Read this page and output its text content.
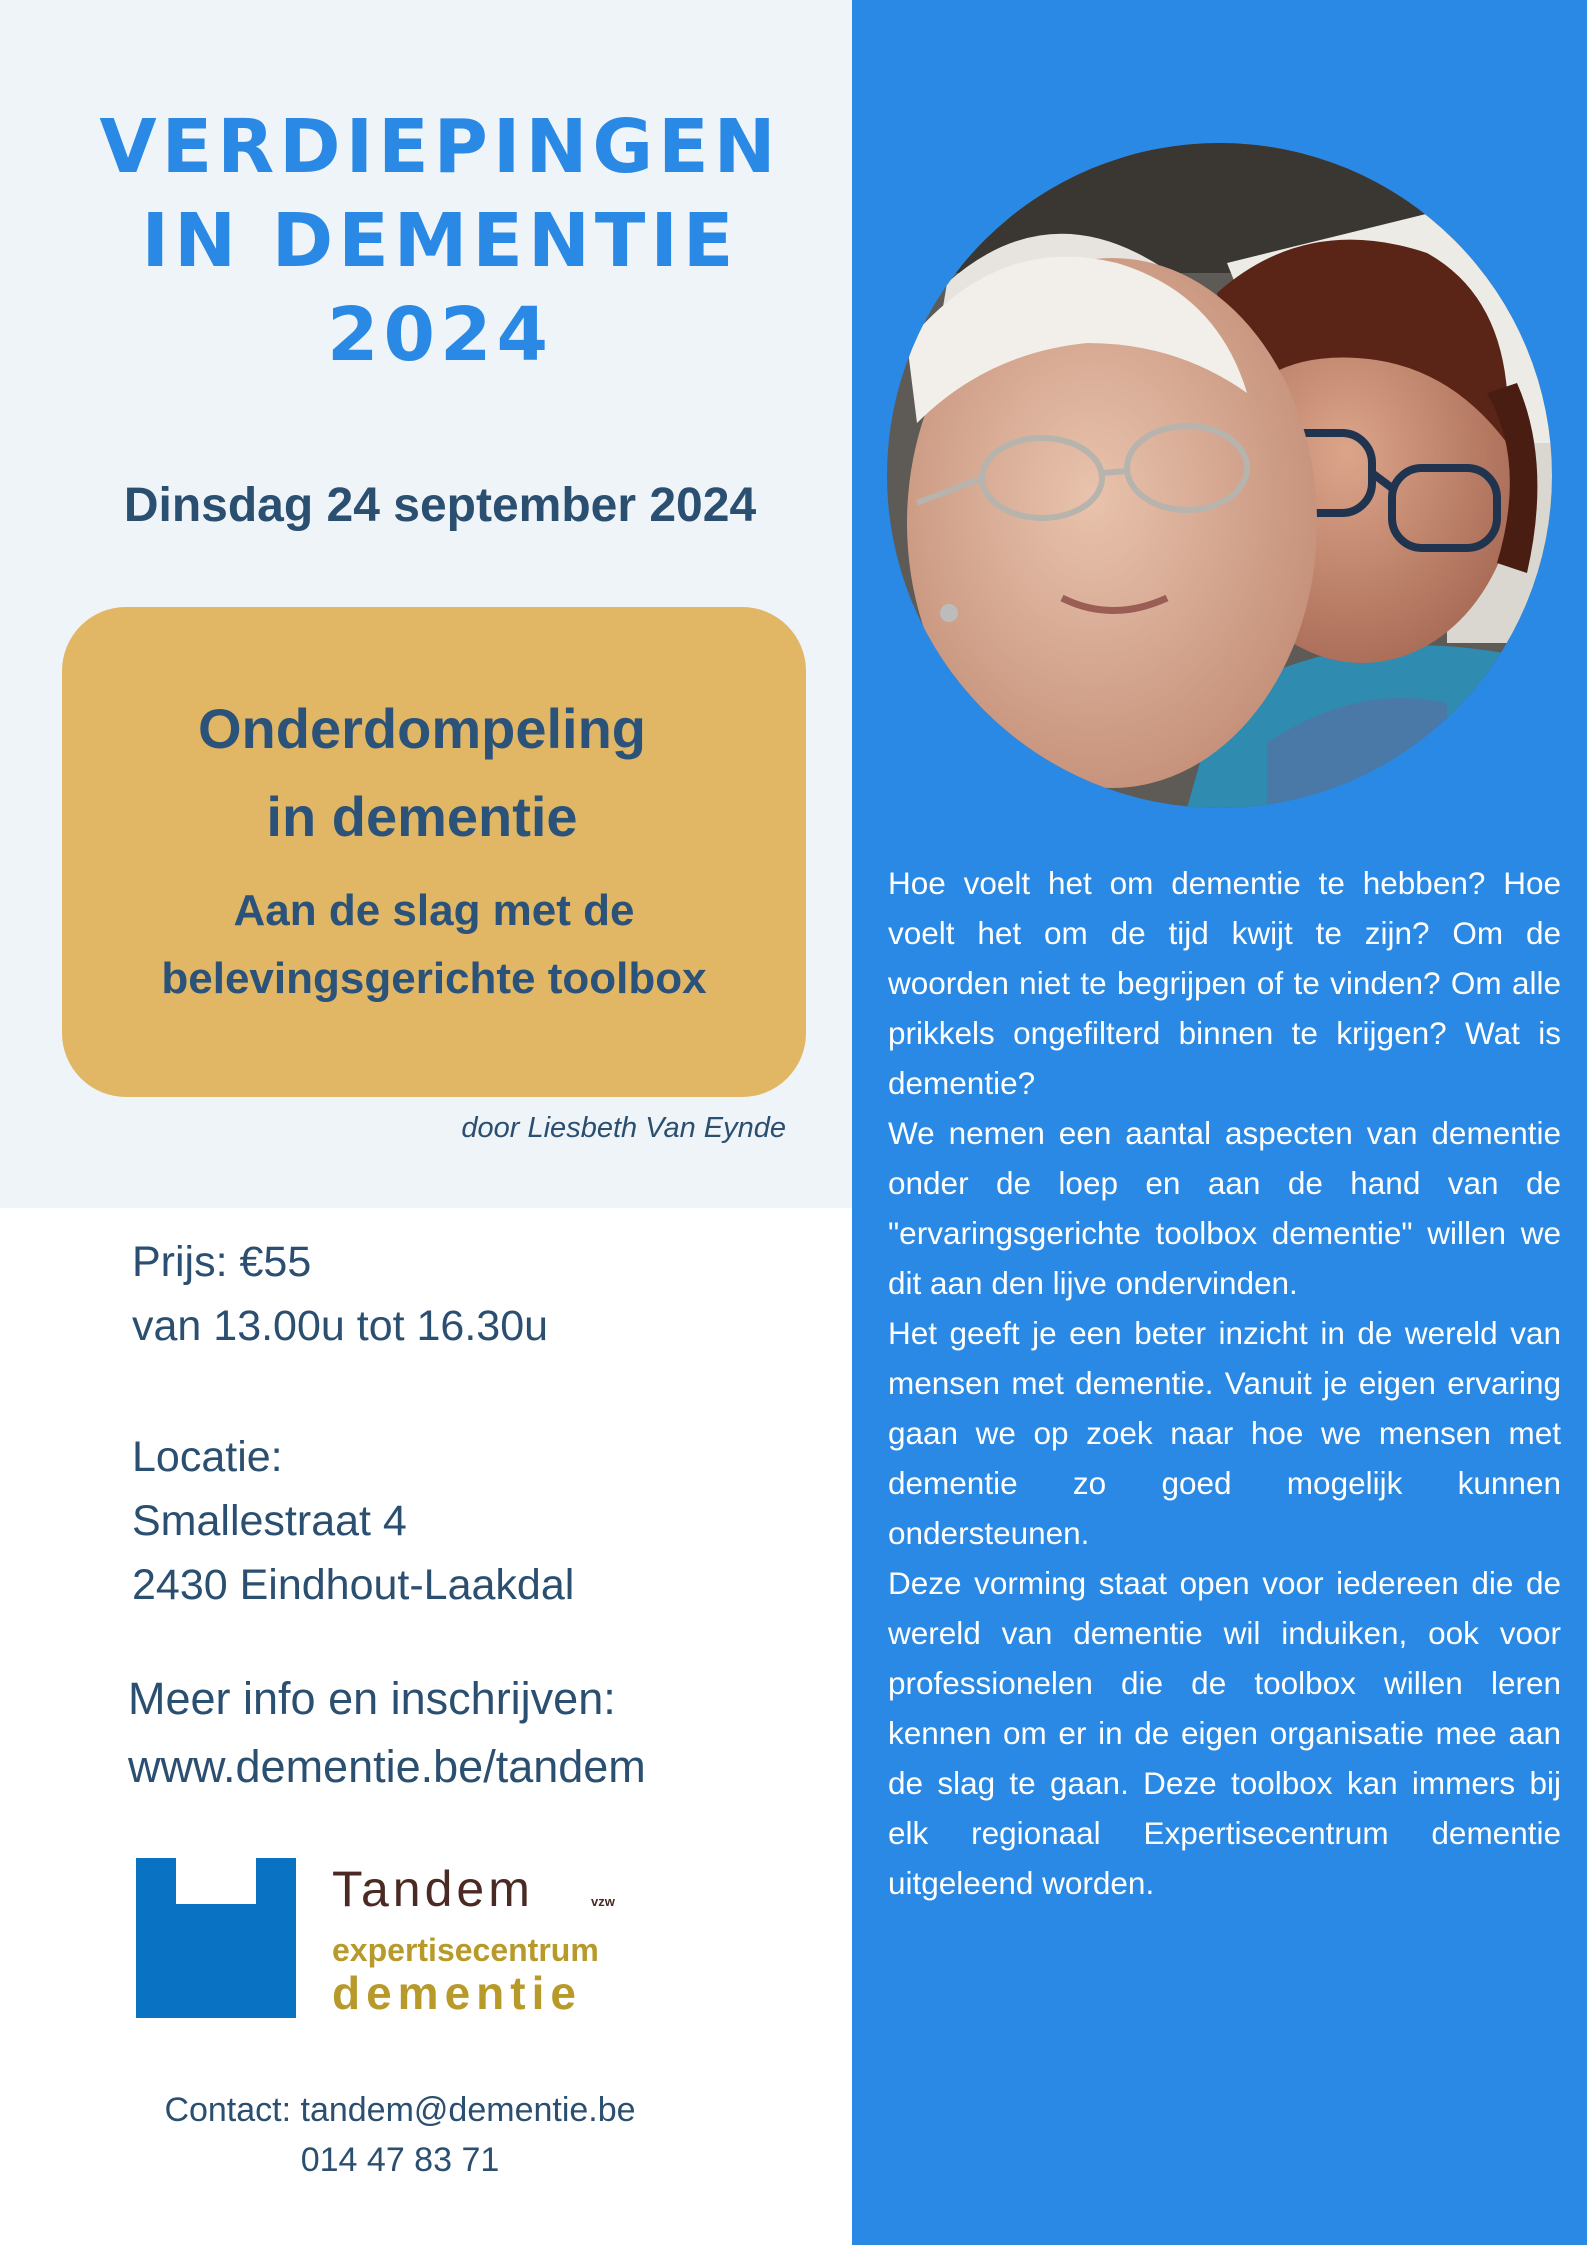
VERDIEPINGEN
IN DEMENTIE
2024
Dinsdag 24 september 2024
Onderdompeling
in dementie
Aan de slag met de
belevingsgerichte toolbox
door Liesbeth Van Eynde
Prijs: €55
van 13.00u tot 16.30u
Locatie:
Smallestraat 4
2430 Eindhout-Laakdal
Meer info en inschrijven:
www.dementie.be/tandem
Tandem	vzw
expertisecentrum
dementie
Contact: tandem@dementie.be
014 47 83 71

Hoe voelt het om dementie te hebben? Hoe voelt het om de tijd kwijt te zijn? Om de woorden niet te begrijpen of te vinden? Om alle prikkels ongefilterd binnen te krijgen? Wat is dementie?

We nemen een aantal aspecten van dementie onder de loep en aan de hand van de "ervaringsgerichte toolbox dementie" willen we dit aan den lijve ondervinden.

Het geeft je een beter inzicht in de wereld van mensen met dementie. Vanuit je eigen ervaring gaan we op zoek naar hoe we mensen met dementie zo goed mogelijk kunnen ondersteunen.

Deze vorming staat open voor iedereen die de wereld van dementie wil induiken, ook voor professionelen die de toolbox willen leren kennen om er in de eigen organisatie mee aan de slag te gaan. Deze toolbox kan immers bij elk regionaal Expertisecentrum dementie uitgeleend worden.
